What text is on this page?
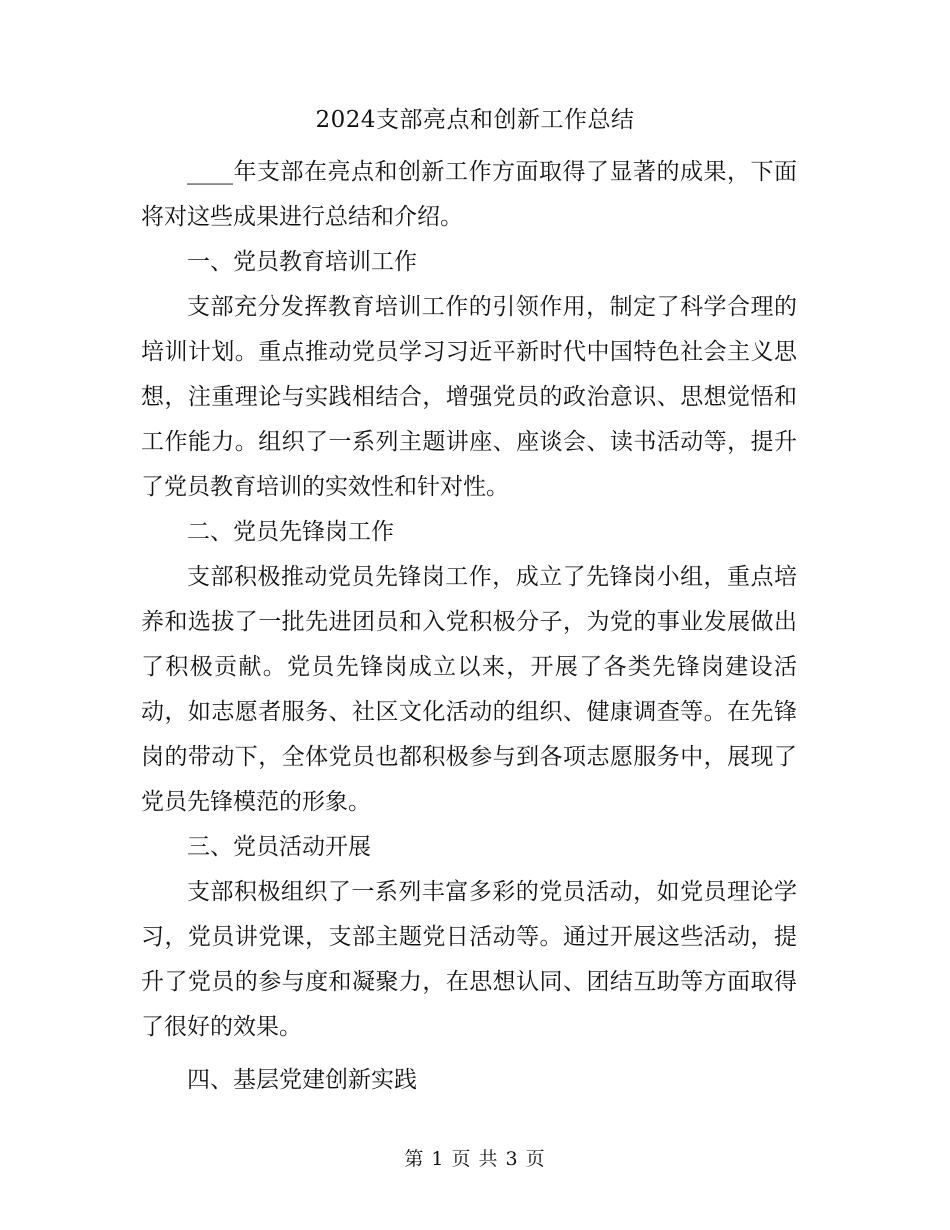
2024支部亮点和创新工作总结

____年支部在亮点和创新工作方面取得了显著的成果，下面将对这些成果进行总结和介绍。

一、党员教育培训工作

支部充分发挥教育培训工作的引领作用，制定了科学合理的培训计划。重点推动党员学习习近平新时代中国特色社会主义思想，注重理论与实践相结合，增强党员的政治意识、思想觉悟和工作能力。组织了一系列主题讲座、座谈会、读书活动等，提升了党员教育培训的实效性和针对性。

二、党员先锋岗工作

支部积极推动党员先锋岗工作，成立了先锋岗小组，重点培养和选拔了一批先进团员和入党积极分子，为党的事业发展做出了积极贡献。党员先锋岗成立以来，开展了各类先锋岗建设活动，如志愿者服务、社区文化活动的组织、健康调查等。在先锋岗的带动下，全体党员也都积极参与到各项志愿服务中，展现了党员先锋模范的形象。

三、党员活动开展

支部积极组织了一系列丰富多彩的党员活动，如党员理论学习，党员讲党课，支部主题党日活动等。通过开展这些活动，提升了党员的参与度和凝聚力，在思想认同、团结互助等方面取得了很好的效果。

四、基层党建创新实践

第 1 页 共 3 页
